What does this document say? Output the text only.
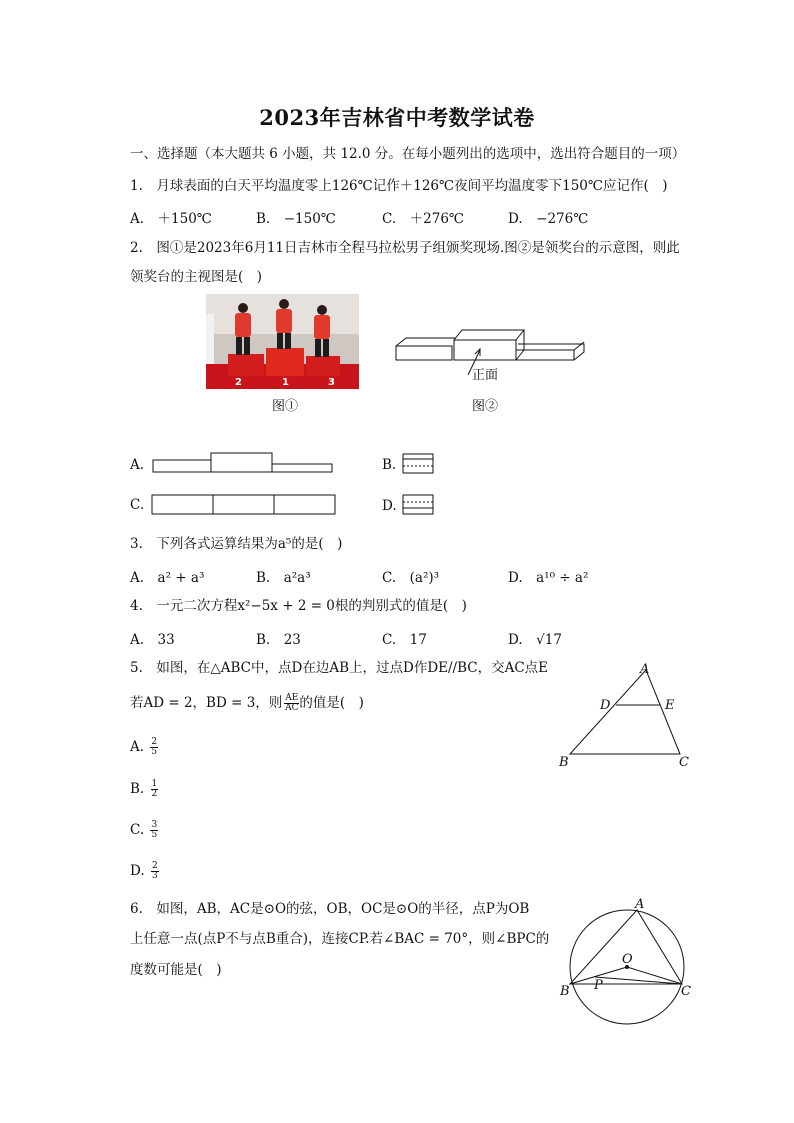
2023年吉林省中考数学试卷
一、选择题（本大题共 6 小题，共 12.0 分。在每小题列出的选项中，选出符合题目的一项）
1.　月球表面的白天平均温度零上126℃记作＋126℃夜间平均温度零下150℃应记作(　)
A.　＋150℃	B.　−150℃	C.　＋276℃	D.　−276℃
2.　图①是2023年6月11日吉林市全程马拉松男子组颁奖现场.图②是领奖台的示意图，则此
领奖台的主视图是(　)
2	1	3
图①
正面
图②
A.	B.
C.	D.
3.　下列各式运算结果为a⁵的是(　)
A.　a² + a³	B.　a²a³	C.　(a²)³	D.　a¹⁰ ÷ a²
4.　一元二次方程x²−5x + 2 = 0根的判别式的值是(　)
A.　33	B.　23	C.　17	D.　√17
5.　如图，在△ABC中，点D在边AB上，过点D作DE//BC，交AC点E
若AD = 2，BD = 3，则 $\frac{AE}{AC}$ 的值是(　)
A. $\frac{2}{5}$
B. $\frac{1}{2}$
C. $\frac{3}{5}$
D. $\frac{2}{3}$
A
D	E
B	C
6.　如图，AB，AC是⊙O的弦，OB，OC是⊙O的半径，点P为OB
上任意一点(点P不与点B重合)，连接CP.若∠BAC = 70°，则∠BPC的
度数可能是(　)
A
O
P
B	C
